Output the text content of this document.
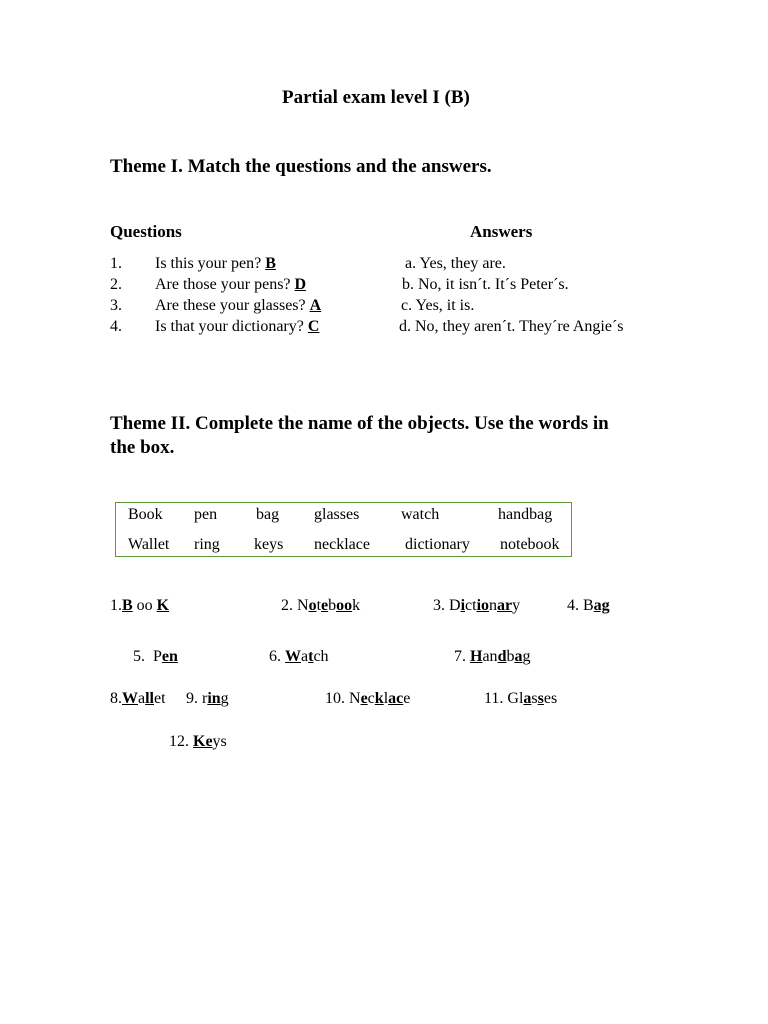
Partial exam level I (B)
Theme I. Match the questions and the answers.
Questions	Answers
1. Is this your pen? B	a. Yes, they are.
2. Are those your pens? D	b. No, it isn´t. It´s Peter´s.
3. Are these your glasses? A	c. Yes, it is.
4. Is that your dictionary? C	d. No, they aren´t. They´re Angie´s
Theme II. Complete the name of the objects. Use the words in
the box.
Book pen bag glasses	watch	handbag
Wallet ring keys necklace dictionary notebook
1.B oo K	2. Notebook	3. Dictionary	4. Bag
5.  Pen	6. Watch	7. Handbag
8.Wallet 9. ring	10. Necklace	11. Glasses
12. Keys
